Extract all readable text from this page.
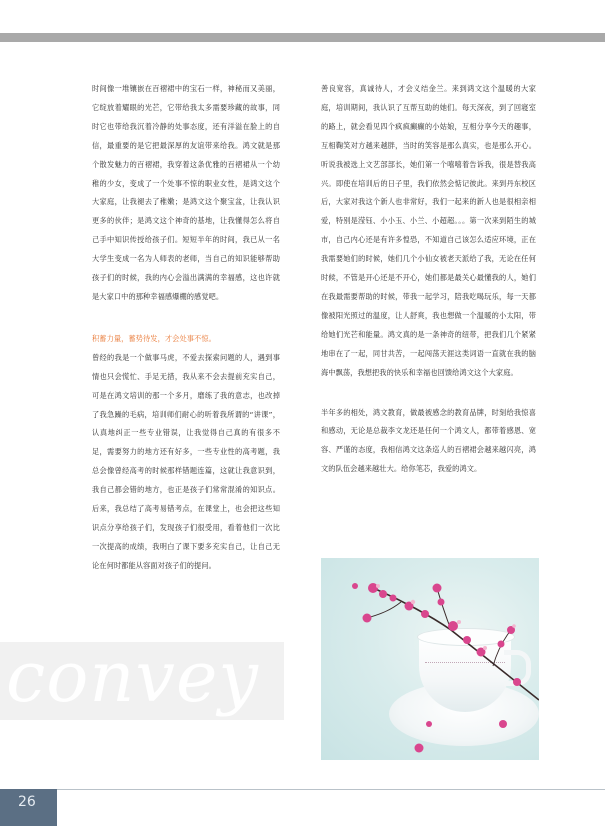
时间像一堆镶嵌在百褶裙中的宝石一样，神秘而又美丽，它绽放着耀眼的光芒，它带给我太多需要珍藏的故事，同时它也带给我沉着冷静的处事态度，还有洋溢在脸上的自信，最重要的是它把最深厚的友谊带来给我。鸿文就是那个散发魅力的百褶裙，我穿着这条优雅的百褶裙从一个幼稚的少女，变成了一个处事不惊的职业女性，是鸿文这个大家庭，让我褪去了稚嫩；是鸿文这个聚宝盆，让我认识更多的伙伴；是鸿文这个神奇的基地，让我懂得怎么将自己手中知识传授给孩子们。短短半年的时间，我已从一名大学生变成一名为人师表的老师，当自己的知识能够帮助孩子们的时候，我的内心会溢出满满的幸福感，这也许就是大家口中的那种幸福感爆棚的感觉吧。

积蓄力量，蓄势待发，才会处事不惊。

曾经的我是一个做事马虎，不爱去探索问题的人，遇到事情也只会慌忙、手足无措，我从来不会去提前充实自己，可是在鸿文培训的那一个多月，磨练了我的意志，也改掉了我急躁的毛病，培训师们耐心的听着我所谓的“讲课”，认真地纠正一些专业错误，让我觉得自己真的有很多不足，需要努力的地方还有好多，一些专业性的高考题，我总会像曾经高考的时候那样错题连篇，这就让我意识到，我自己都会错的地方，也正是孩子们常常混淆的知识点。后来，我总结了高考易错考点，在课堂上，也会把这些知识点分享给孩子们，发现孩子们很受用，看着他们一次比一次提高的成绩，我明白了课下要多充实自己，让自己无论在何时都能从容面对孩子们的提问。

善良宽容，真诚待人，才会义结金兰。来到鸿文这个温暖的大家庭，培训期间，我认识了互帮互助的她们。每天深夜，到了回寝室的路上，就会看见四个疯疯癫癫的小姑娘，互相分享今天的趣事，互相鞠笑对方越来越胖，当时的笑容是那么真实，也是那么开心。听说我被选上文艺部部长，她们第一个嘻嘻着告诉我，很是替我高兴。即使在培训后的日子里，我们依然会惦记彼此。来到丹东校区后，大家对我这个新人也非常好，我们一起来的新人也是很相亲相爱，特别是滢钰、小小玉、小兰、小超超。。。第一次来到陌生的城市，自己内心还是有许多惶恐，不知道自己该怎么适应环境，正在我需要她们的时候，她们几个小仙女被老天派给了我，无论在任何时候，不管是开心还是不开心，她们都是最关心最懂我的人，她们在我最需要帮助的时候，带我一起学习，陪我吃喝玩乐，每一天都像被阳光照过的温度，让人舒爽，我也想做一个温暖的小太阳，带给她们光芒和能量。鸿文真的是一条神奇的纽带，把我们几个紧紧地串在了一起，同甘共苦，一起闯荡天涯这类词语一直就在我的脑海中飘荡，我想把我的快乐和幸福也回馈给鸿文这个大家庭。

半年多的相处，鸿文教育，做最被感念的教育品牌，时刻给我惊喜和感动，无论是总裁李文龙还是任何一个鸿文人，都带着感恩、宽容、严谨的态度，我相信鸿文这条巡人的百褶裙会越来越闪亮，鸿文的队伍会越来越壮大。给你笔芯，我爱的鸿文。

convey
26
